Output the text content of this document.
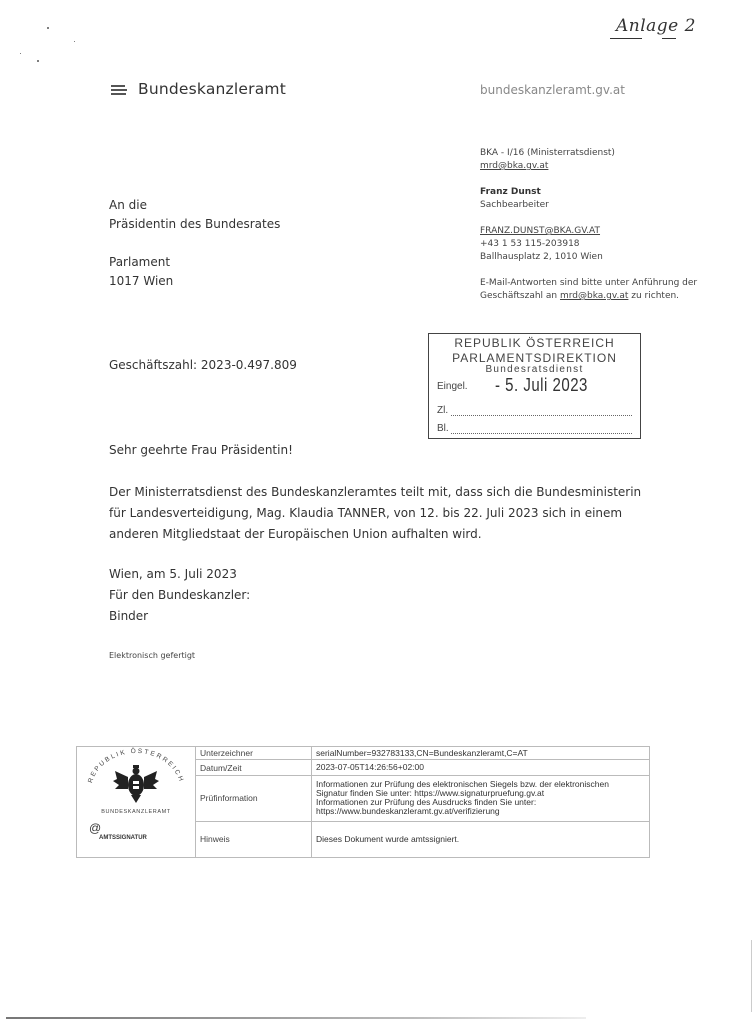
Anlage 2
Bundeskanzleramt	bundeskanzleramt.gv.at
BKA - I/16 (Ministerratsdienst)
mrd@bka.gv.at
Franz Dunst
Sachbearbeiter
FRANZ.DUNST@BKA.GV.AT
+43 1 53 115-203918
Ballhausplatz 2, 1010 Wien
E-Mail-Antworten sind bitte unter Anführung der
Geschäftszahl an mrd@bka.gv.at zu richten.
An die
Präsidentin des Bundesrates
Parlament
1017 Wien
Geschäftszahl: 2023-0.497.809
REPUBLIK ÖSTERREICH
PARLAMENTSDIREKTION
Bundesratsdienst
Eingel. - 5. Juli 2023
Zl.
Bl.
Sehr geehrte Frau Präsidentin!
Der Ministerratsdienst des Bundeskanzleramtes teilt mit, dass sich die Bundesministerin
für Landesverteidigung, Mag. Klaudia TANNER, von 12. bis 22. Juli 2023 sich in einem
anderen Mitgliedstaat der Europäischen Union aufhalten wird.
Wien, am 5. Juli 2023
Für den Bundeskanzler:
Binder
Elektronisch gefertigt
REPUBLIK ÖSTERREICH
BUNDESKANZLERAMT
@
AMTSSIGNATUR	Unterzeichner	serialNumber=932783133,CN=Bundeskanzleramt,C=AT
	Datum/Zeit	2023-07-05T14:26:56+02:00
	Prüfinformation	Informationen zur Prüfung des elektronischen Siegels bzw. der elektronischen
Signatur finden Sie unter: https://www.signaturpruefung.gv.at
Informationen zur Prüfung des Ausdrucks finden Sie unter:
https://www.bundeskanzleramt.gv.at/verifizierung

	Hinweis	Dieses Dokument wurde amtssigniert.
